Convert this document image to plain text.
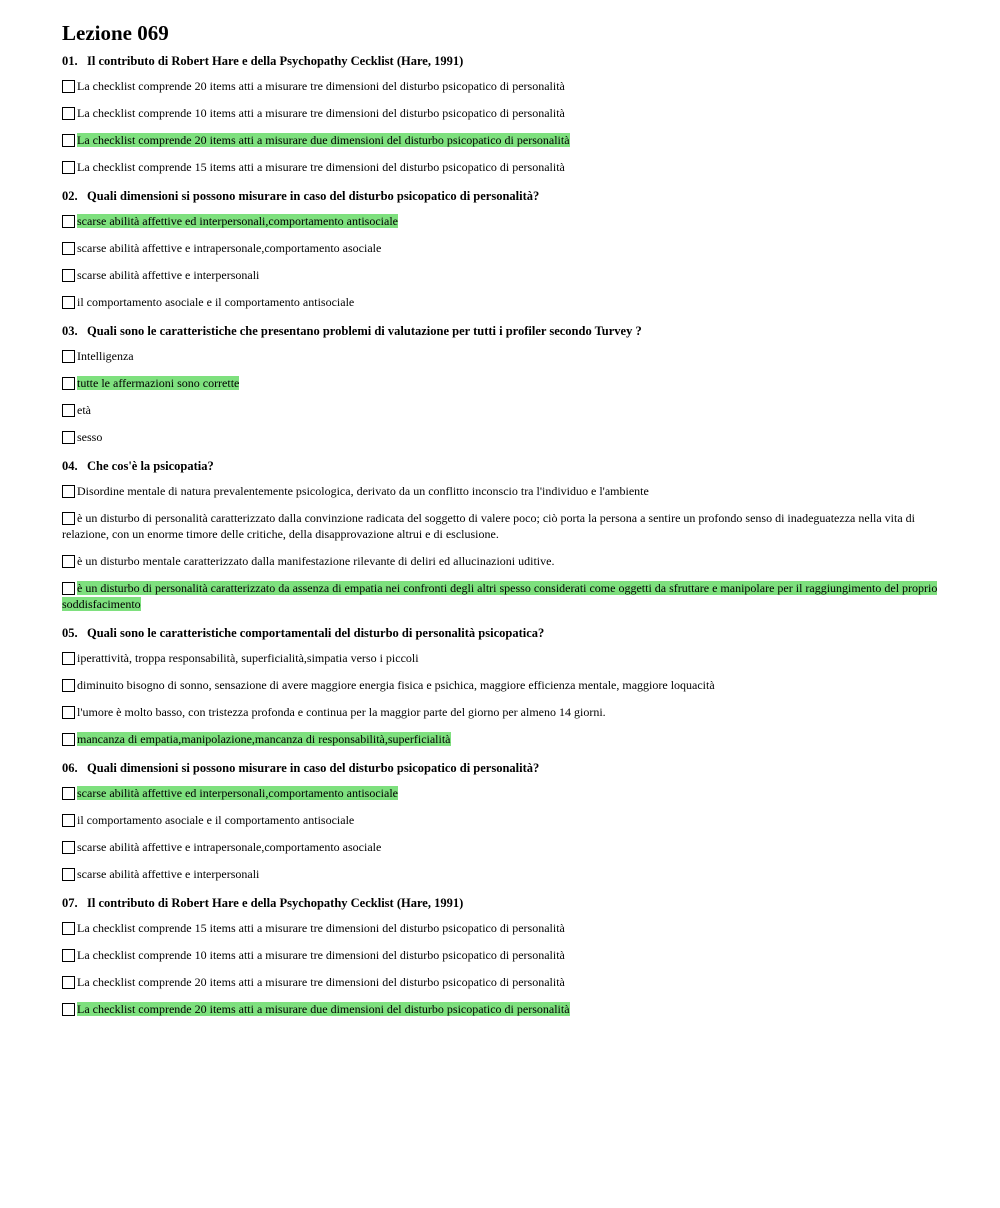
Lezione 069
01. Il contributo di Robert Hare e della Psychopathy Cecklist (Hare, 1991)
La checklist comprende 20 items atti a misurare tre dimensioni del disturbo psicopatico di personalità
La checklist comprende 10 items atti a misurare tre dimensioni del disturbo psicopatico di personalità
La checklist comprende 20 items atti a misurare due dimensioni del disturbo psicopatico di personalità
La checklist comprende 15 items atti a misurare tre dimensioni del disturbo psicopatico di personalità
02. Quali dimensioni si possono misurare in caso del disturbo psicopatico di personalità?
scarse abilità affettive ed interpersonali,comportamento antisociale
scarse abilità affettive e intrapersonale,comportamento asociale
scarse abilità affettive e interpersonali
il comportamento asociale e il comportamento antisociale
03. Quali sono le caratteristiche che presentano problemi di valutazione per tutti i profiler secondo Turvey ?
Intelligenza
tutte le affermazioni sono corrette
età
sesso
04. Che cos'è la psicopatia?
Disordine mentale di natura prevalentemente psicologica, derivato da un conflitto inconscio tra l'individuo e l'ambiente
è un disturbo di personalità caratterizzato dalla convinzione radicata del soggetto di valere poco; ciò porta la persona a sentire un profondo senso di inadeguatezza nella vita di relazione, con un enorme timore delle critiche, della disapprovazione altrui e di esclusione.
è un disturbo mentale caratterizzato dalla manifestazione rilevante di deliri ed allucinazioni uditive.
è un disturbo di personalità caratterizzato da assenza di empatia nei confronti degli altri spesso considerati come oggetti da sfruttare e manipolare per il raggiungimento del proprio soddisfacimento
05. Quali sono le caratteristiche comportamentali del disturbo di personalità psicopatica?
iperattività, troppa responsabilità, superficialità,simpatia verso i piccoli
diminuito bisogno di sonno, sensazione di avere maggiore energia fisica e psichica, maggiore efficienza mentale, maggiore loquacità
l'umore è molto basso, con tristezza profonda e continua per la maggior parte del giorno per almeno 14 giorni.
mancanza di empatia,manipolazione,mancanza di responsabilità,superficialità
06. Quali dimensioni si possono misurare in caso del disturbo psicopatico di personalità?
scarse abilità affettive ed interpersonali,comportamento antisociale
il comportamento asociale e il comportamento antisociale
scarse abilità affettive e intrapersonale,comportamento asociale
scarse abilità affettive e interpersonali
07. Il contributo di Robert Hare e della Psychopathy Cecklist (Hare, 1991)
La checklist comprende 15 items atti a misurare tre dimensioni del disturbo psicopatico di personalità
La checklist comprende 10 items atti a misurare tre dimensioni del disturbo psicopatico di personalità
La checklist comprende 20 items atti a misurare tre dimensioni del disturbo psicopatico di personalità
La checklist comprende 20 items atti a misurare due dimensioni del disturbo psicopatico di personalità
